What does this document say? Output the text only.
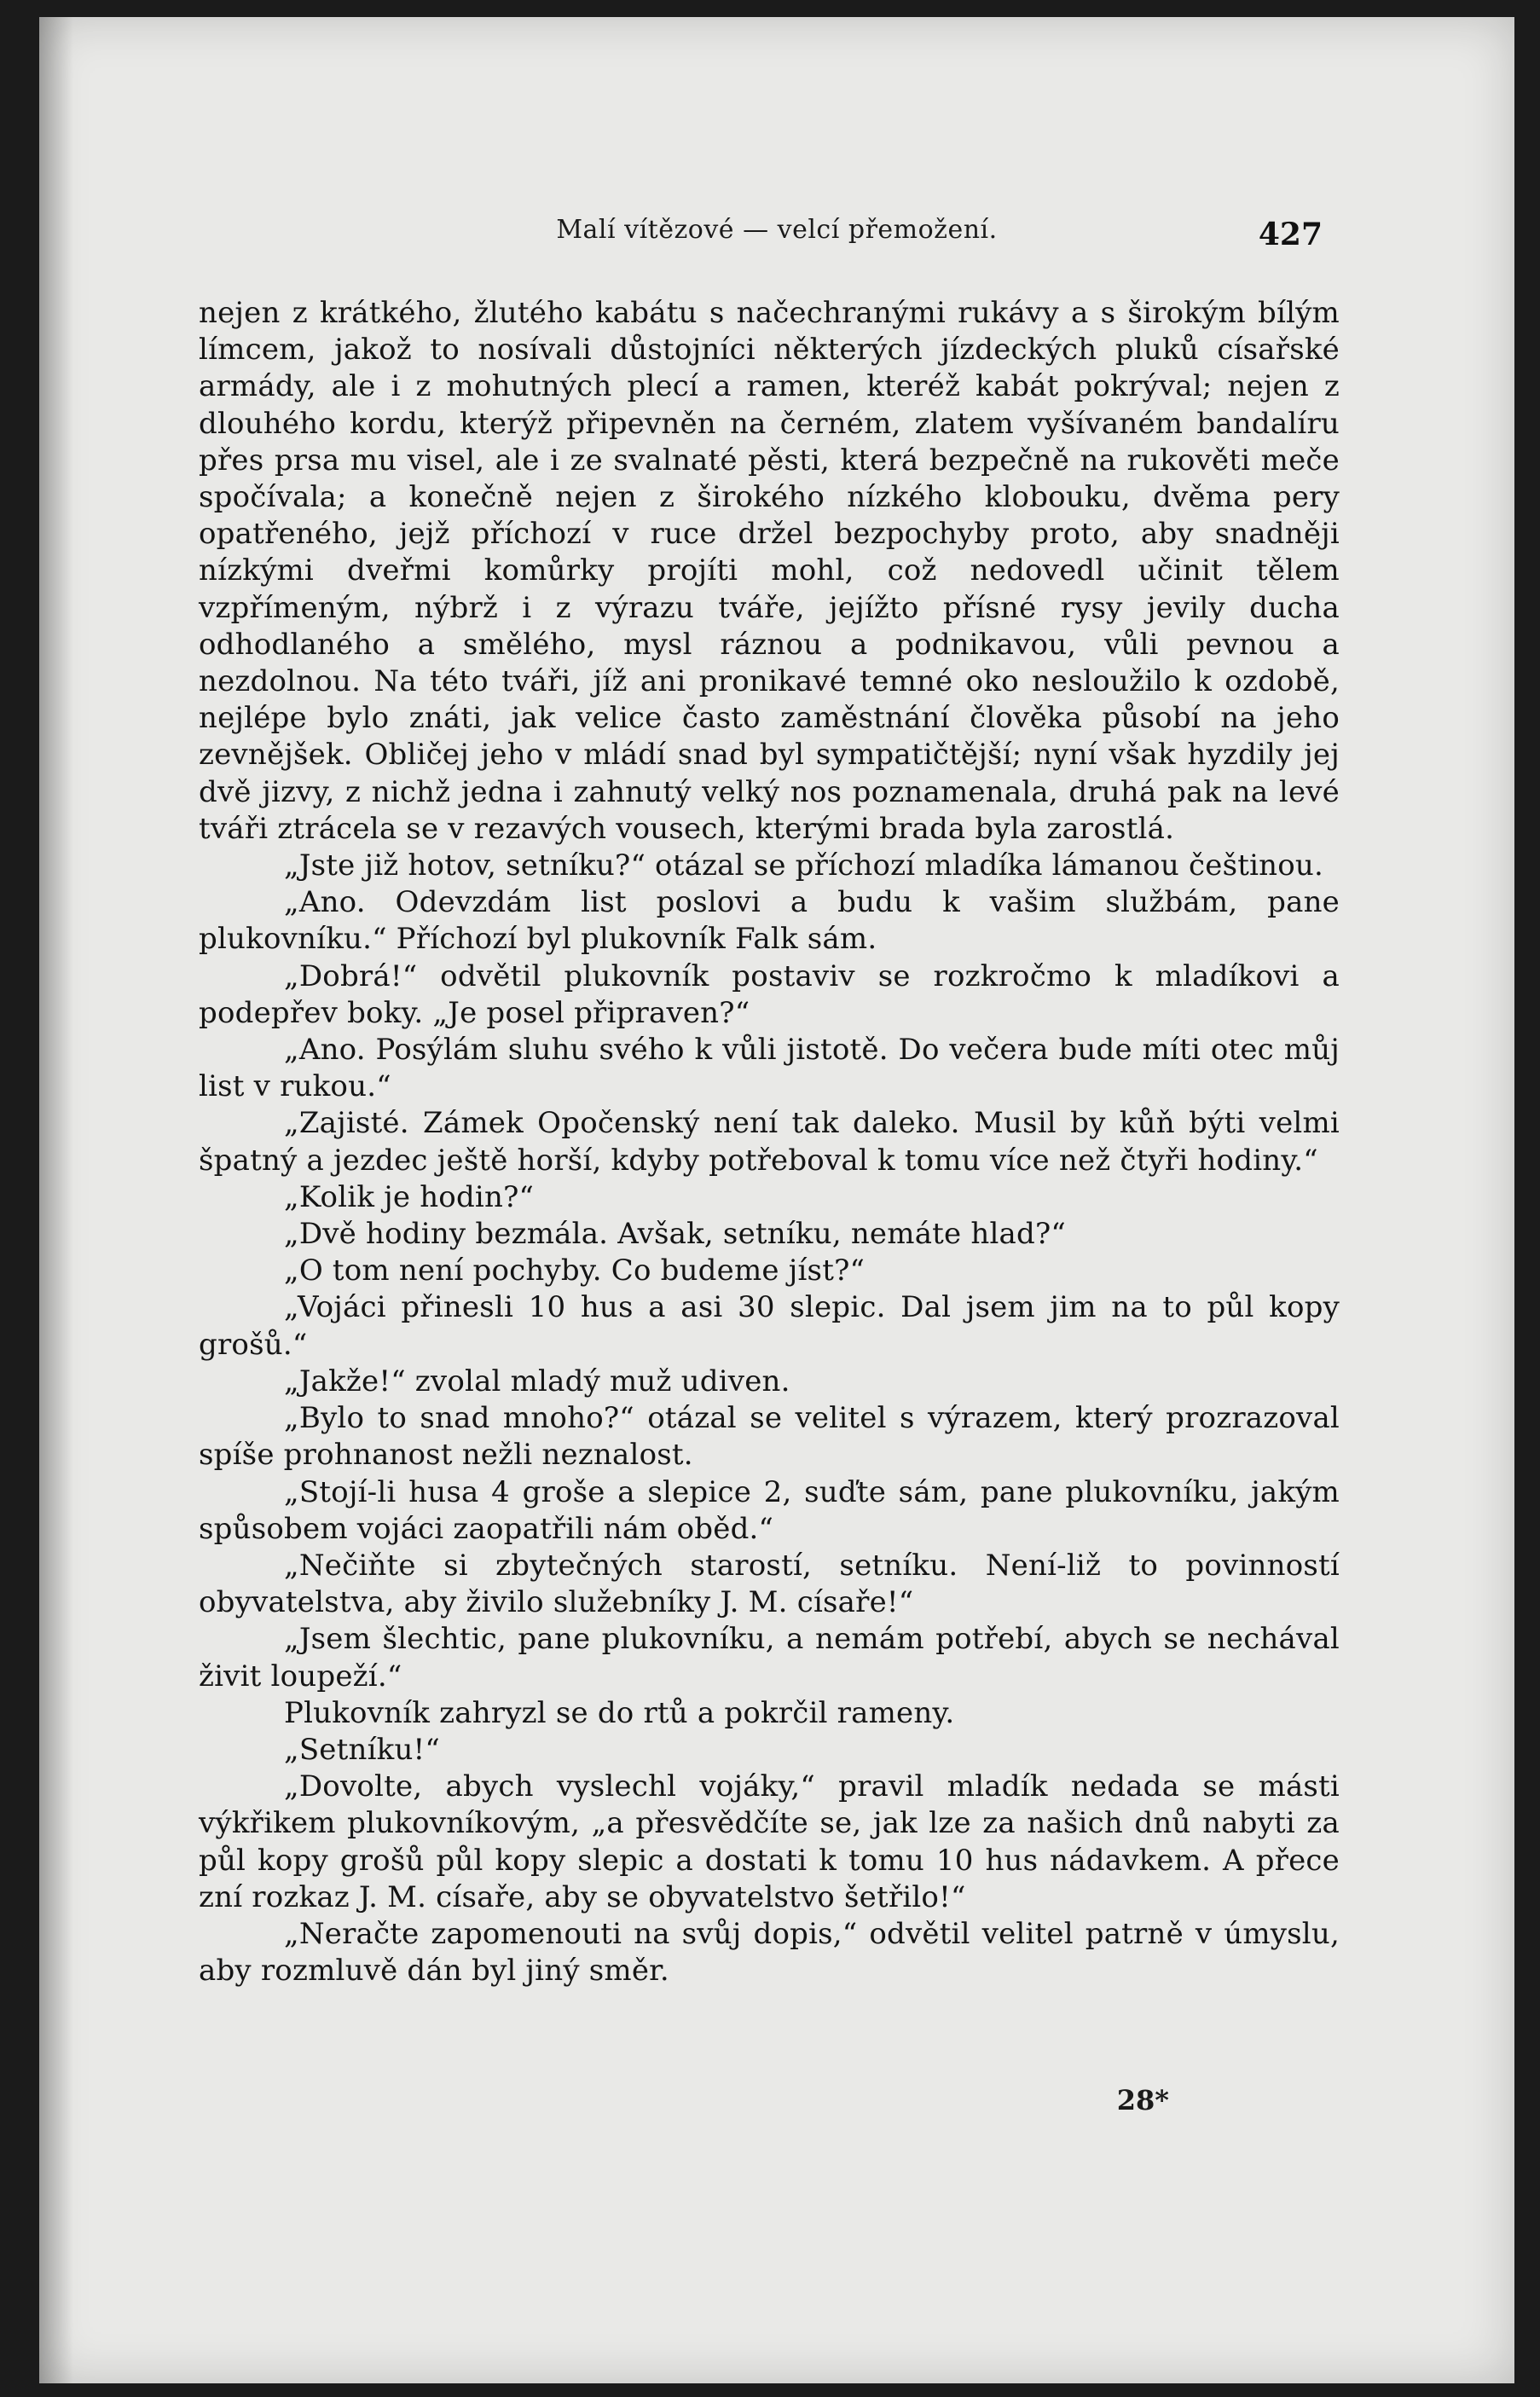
Malí vítězové — velcí přemožení.	427

nejen z krátkého, žlutého kabátu s načechranými rukávy a s širokým bílým límcem, jakož to nosívali důstojníci některých jízdeckých pluků císařské armády, ale i z mohutných plecí a ramen, kteréž kabát pokrýval; nejen z dlouhého kordu, kterýž připevněn na černém, zlatem vyšívaném bandalíru přes prsa mu visel, ale i ze svalnaté pěsti, která bezpečně na rukověti meče spočívala; a konečně nejen z širokého nízkého klobouku, dvěma pery opatřeného, jejž příchozí v ruce držel bezpochyby proto, aby snadněji nízkými dveřmi komůrky projíti mohl, což nedovedl učinit tělem vzpřímeným, nýbrž i z výrazu tváře, jejížto přísné rysy jevily ducha odhodlaného a smělého, mysl ráznou a podnikavou, vůli pevnou a nezdolnou. Na této tváři, jíž ani pronikavé temné oko nesloužilo k ozdobě, nejlépe bylo znáti, jak velice často zaměstnání člověka působí na jeho zevnějšek. Obličej jeho v mládí snad byl sympatičtější; nyní však hyzdily jej dvě jizvy, z nichž jedna i zahnutý velký nos poznamenala, druhá pak na levé tváři ztrácela se v rezavých vousech, kterými brada byla zarostlá.

„Jste již hotov, setníku?“ otázal se příchozí mladíka lámanou češtinou.

„Ano. Odevzdám list poslovi a budu k vašim službám, pane plukovníku.“ Příchozí byl plukovník Falk sám.

„Dobrá!“ odvětil plukovník postaviv se rozkročmo k mladíkovi a podepřev boky. „Je posel připraven?“

„Ano. Posýlám sluhu svého k vůli jistotě. Do večera bude míti otec můj list v rukou.“

„Zajisté. Zámek Opočenský není tak daleko. Musil by kůň býti velmi špatný a jezdec ještě horší, kdyby potřeboval k tomu více než čtyři hodiny.“

„Kolik je hodin?“

„Dvě hodiny bezmála. Avšak, setníku, nemáte hlad?“

„O tom není pochyby. Co budeme jíst?“

„Vojáci přinesli 10 hus a asi 30 slepic. Dal jsem jim na to půl kopy grošů.“

„Jakže!“ zvolal mladý muž udiven.

„Bylo to snad mnoho?“ otázal se velitel s výrazem, který prozrazoval spíše prohnanost nežli neznalost.

„Stojí-li husa 4 groše a slepice 2, suďte sám, pane plukovníku, jakým spůsobem vojáci zaopatřili nám oběd.“

„Nečiňte si zbytečných starostí, setníku. Není-liž to povinností obyvatelstva, aby živilo služebníky J. M. císaře!“

„Jsem šlechtic, pane plukovníku, a nemám potřebí, abych se nechával živit loupeží.“

Plukovník zahryzl se do rtů a pokrčil rameny.

„Setníku!“

„Dovolte, abych vyslechl vojáky,“ pravil mladík nedada se másti výkřikem plukovníkovým, „a přesvědčíte se, jak lze za našich dnů nabyti za půl kopy grošů půl kopy slepic a dostati k tomu 10 hus nádavkem. A přece zní rozkaz J. M. císaře, aby se obyvatelstvo šetřilo!“

„Neračte zapomenouti na svůj dopis,“ odvětil velitel patrně v úmyslu, aby rozmluvě dán byl jiný směr.

28*
